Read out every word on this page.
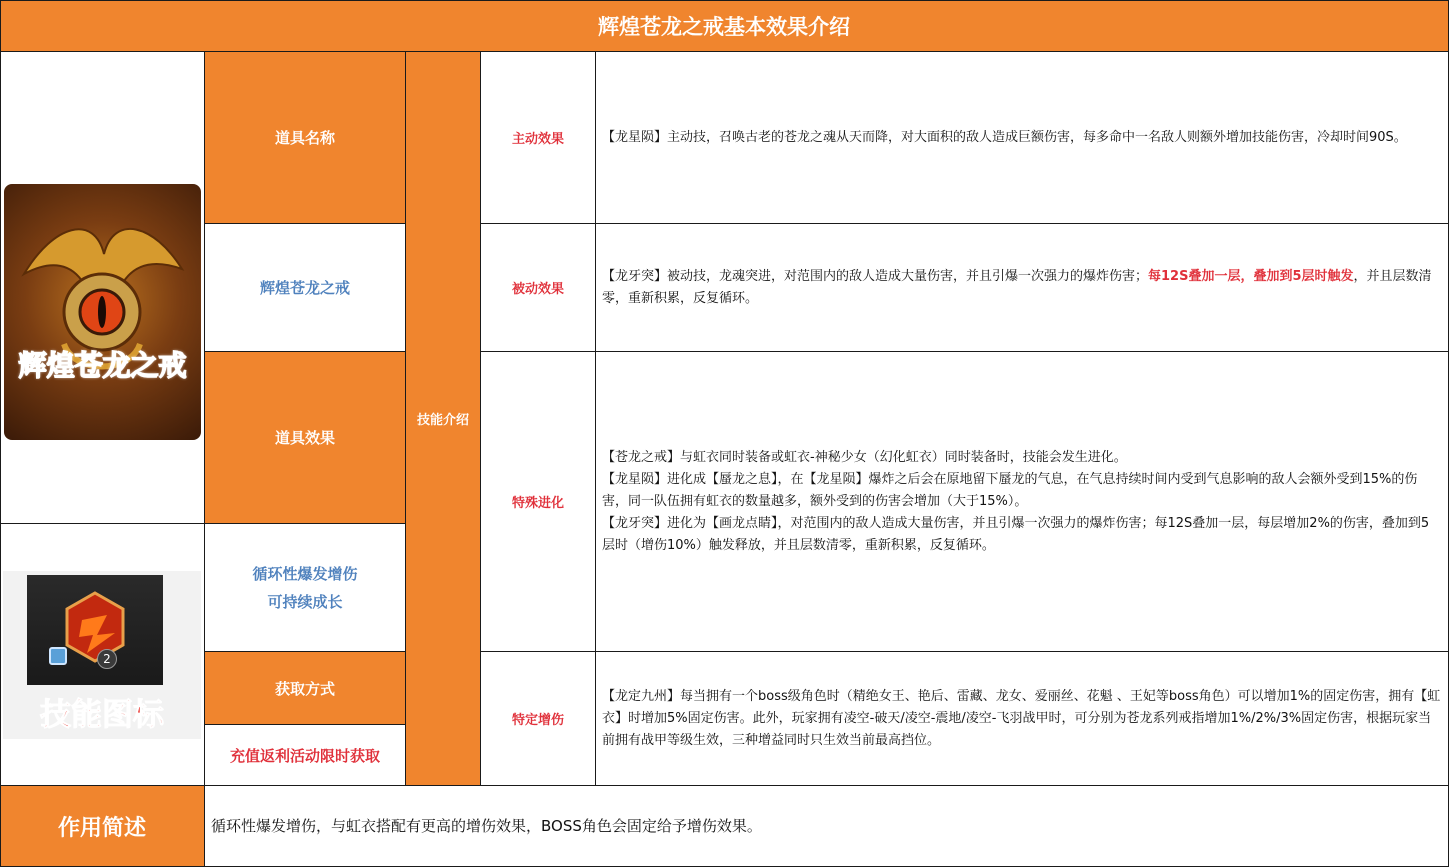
辉煌苍龙之戒基本效果介绍
辉煌苍龙之戒
2
技能图标
道具名称
辉煌苍龙之戒
道具效果
循环性爆发增伤
可持续成长
获取方式
充值返利活动限时获取
技能介绍
主动效果	【龙星陨】主动技，召唤古老的苍龙之魂从天而降，对大面积的敌人造成巨额伤害，每多命中一名敌人则额外增加技能伤害，冷却时间90S。

被动效果

【龙牙突】被动技，龙魂突进，对范围内的敌人造成大量伤害，并且引爆一次强力的爆炸伤害；每12S叠加一层，叠加到5层时触发，并且层数清零，重新积累，反复循环。

特殊进化

【苍龙之戒】与虹衣同时装备或虹衣-神秘少女（幻化虹衣）同时装备时，技能会发生进化。

【龙星陨】进化成【蜃龙之息】，在【龙星陨】爆炸之后会在原地留下蜃龙的气息，在气息持续时间内受到气息影响的敌人会额外受到15%的伤害，同一队伍拥有虹衣的数量越多，额外受到的伤害会增加（大于15%）。

【龙牙突】进化为【画龙点睛】，对范围内的敌人造成大量伤害，并且引爆一次强力的爆炸伤害；每12S叠加一层，每层增加2%的伤害，叠加到5层时（增伤10%）触发释放，并且层数清零，重新积累，反复循环。

特定增伤

【龙定九州】每当拥有一个boss级角色时（精绝女王、艳后、雷藏、龙女、爱丽丝、花魁 、王妃等boss角色）可以增加1%的固定伤害，拥有【虹衣】时增加5%固定伤害。此外，玩家拥有凌空-破天/凌空-震地/凌空-飞羽战甲时，可分别为苍龙系列戒指增加1%/2%/3%固定伤害，根据玩家当前拥有战甲等级生效，三种增益同时只生效当前最高挡位。

作用简述	循环性爆发增伤，与虹衣搭配有更高的增伤效果，BOSS角色会固定给予增伤效果。
